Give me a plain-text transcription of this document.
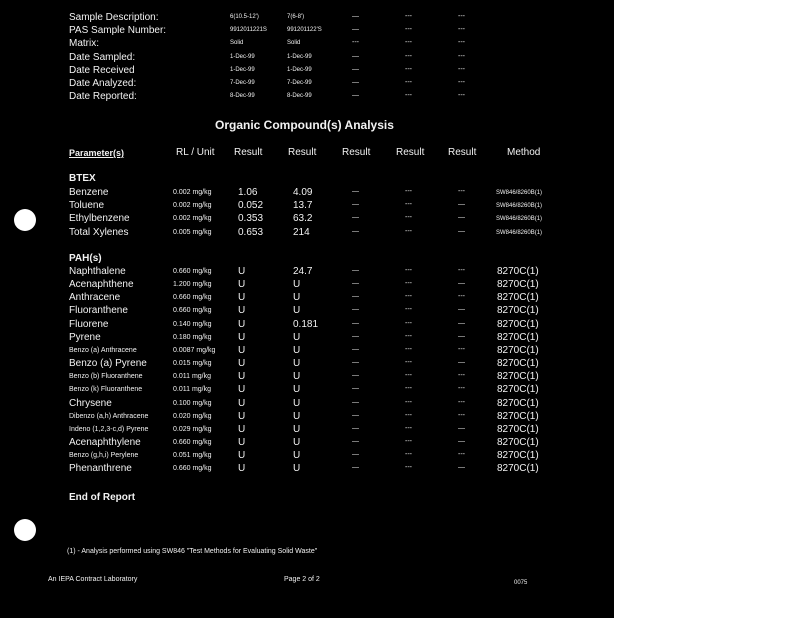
Sample Description:	6(10.5-12')	7(6-8')	—	---	---
PAS Sample Number:	9912011221S	991201122'S	—	---	---
Matrix:	Solid	Solid	---	---	---
Date Sampled:	1-Dec-99	1-Dec-99	—	---	---
Date Received	1-Dec-99	1-Dec-99	—	---	---
Date Analyzed:	7-Dec-99	7-Dec-99	—	---	---
Date Reported:	8-Dec-99	8-Dec-99	—	---	---
Organic Compound(s) Analysis
Parameter(s)	RL / Unit Result	Result	Result	Result Result	Method
BTEX
Benzene	0.002 mg/kg	1.06	4.09	—	---	---	SW846/8260B(1)
Toluene	0.002 mg/kg	0.052	13.7	—	---	—	SW846/8260B(1)
Ethylbenzene	0.002 mg/kg	0.353	63.2	—	---	—	SW846/8260B(1)
Total Xylenes	0.005 mg/kg	0.653	214	—	---	—	SW846/8260B(1)
PAH(s)
Naphthalene	0.660 mg/kg	U	24.7	—	---	---	8270C(1)
Acenaphthene	1.200 mg/kg	U	U	—	---	—	8270C(1)
Anthracene	0.660 mg/kg	U	U	—	---	---	8270C(1)
Fluoranthene	0.660 mg/kg	U	U	—	---	—	8270C(1)
Fluorene	0.140 mg/kg	U	0.181	—	---	—	8270C(1)
Pyrene	0.180 mg/kg	U	U	—	---	—	8270C(1)
Benzo (a) Anthracene	0.0087 mg/kg U	U	—	---	---	8270C(1)
Benzo (a) Pyrene	0.015 mg/kg	U	U	—	---	—	8270C(1)
Benzo (b) Fluoranthene	0.011 mg/kg	U	U	—	---	---	8270C(1)
Benzo (k) Fluoranthene	0.011 mg/kg	U	U	—	---	---	8270C(1)
Chrysene	0.100 mg/kg	U	U	—	---	---	8270C(1)
Dibenzo (a,h) Anthracene	0.020 mg/kg	U	U	—	---	---	8270C(1)
Indeno (1,2,3-c,d) Pyrene	0.029 mg/kg	U	U	—	---	—	8270C(1)
Acenaphthylene	0.660 mg/kg	U	U	—	---	—	8270C(1)
Benzo (g,h,i) Perylene	0.051 mg/kg	U	U	—	---	---	8270C(1)
Phenanthrene	0.660 mg/kg	U	U	—	---	—	8270C(1)
End of Report
(1) - Analysis performed using SW846 "Test Methods for Evaluating Solid Waste"
An IEPA Contract Laboratory	Page 2 of 2	0075
